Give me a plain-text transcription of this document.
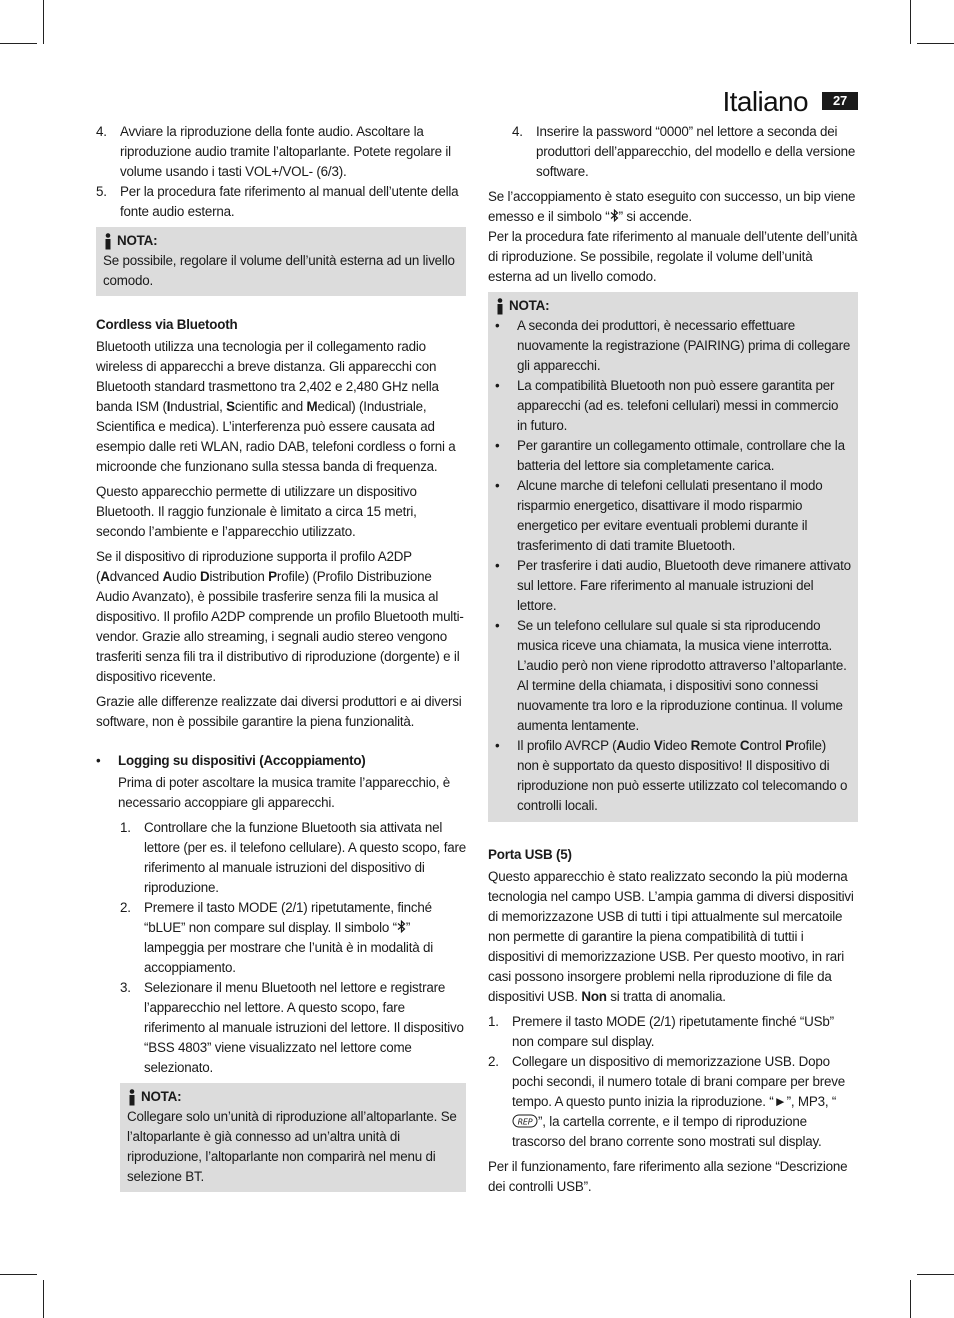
Italiano	27
4. Avviare la riproduzione della fonte audio. Ascoltare la riproduzione audio tramite l’altoparlante. Potete regolare il volume usando i tasti VOL+/VOL- (6/3).
5. Per la procedura fate riferimento al manual dell’utente della fonte audio esterna.
NOTA:
Se possibile, regolare il volume dell’unità esterna ad un livello comodo.
Cordless via Bluetooth

Bluetooth utilizza una tecnologia per il collegamento radio wireless di apparecchi a breve distanza. Gli apparecchi con Bluetooth standard trasmettono tra 2,402 e 2,480 GHz nella banda ISM (Industrial, Scientific and Medical) (Industriale, Scientifica e medica). L’interferenza può essere causata ad esempio dalle reti WLAN, radio DAB, telefoni cordless o forni a microonde che funzionano sulla stessa banda di frequenza.

Questo apparecchio permette di utilizzare un dispositivo Bluetooth. Il raggio funzionale è limitato a circa 15 metri, secondo l’ambiente e l’apparecchio utilizzato.

Se il dispositivo di riproduzione supporta il profilo A2DP (Advanced Audio Distribution Profile) (Profilo Distribuzione Audio Avanzato), è possibile trasferire senza fili la musica al dispositivo. Il profilo A2DP comprende un profilo Bluetooth multi-vendor. Grazie allo streaming, i segnali audio stereo vengono trasferiti senza fili tra il distributivo di riproduzione (dorgente) e il dispositivo ricevente.

Grazie alle differenze realizzate dai diversi produttori e ai diversi software, non è possibile garantire la piena funzionalità.

• Logging su dispositivi (Accoppiamento)

Prima di poter ascoltare la musica tramite l’apparecchio, è necessario accoppiare gli apparecchi.

1. Controllare che la funzione Bluetooth sia attivata nel lettore (per es. il telefono cellulare). A questo scopo, fare riferimento al manuale istruzioni del dispositivo di riproduzione.
2. Premere il tasto MODE (2/1) ripetutamente, finché “bLUE” non compare sul display. Il simbolo “ ” lampeggia per mostrare che l’unità è in modalità di accoppiamento.
3. Selezionare il menu Bluetooth nel lettore e registrare l’apparecchio nel lettore. A questo scopo, fare riferimento al manuale istruzioni del lettore. Il dispositivo “BSS 4803” viene visualizzato nel lettore come selezionato.
NOTA:
Collegare solo un’unità di riproduzione all’altoparlante. Se l’altoparlante è già connesso ad un’altra unità di riproduzione, l’altoparlante non comparirà nel menu di selezione BT.
4. Inserire la password “0000” nel lettore a seconda dei produttori dell’apparecchio, del modello e della versione software.

Se l’accoppiamento è stato eseguito con successo, un bip viene emesso e il simbolo “ ” si accende.

Per la procedura fate riferimento al manuale dell’utente dell’unità di riproduzione. Se possibile, regolate il volume dell’unità esterna ad un livello comodo.

NOTA:
• A seconda dei produttori, è necessario effettuare nuovamente la registrazione (PAIRING) prima di collegare gli apparecchi.
• La compatibilità Bluetooth non può essere garantita per apparecchi (ad es. telefoni cellulari) messi in commercio in futuro.
• Per garantire un collegamento ottimale, controllare che la batteria del lettore sia completamente carica.
• Alcune marche di telefoni cellulati presentano il modo risparmio energetico, disattivare il modo risparmio energetico per evitare eventuali problemi durante il trasferimento di dati tramite Bluetooth.
• Per trasferire i dati audio, Bluetooth deve rimanere attivato sul lettore. Fare riferimento al manuale istruzioni del lettore.
• Se un telefono cellulare sul quale si sta riproducendo musica riceve una chiamata, la musica viene interrotta. L’audio però non viene riprodotto attraverso l’altoparlante. Al termine della chiamata, i dispositivi sono connessi nuovamente tra loro e la riproduzione continua. Il volume aumenta lentamente.
• Il profilo AVRCP (Audio Video Remote Control Profile) non è supportato da questo dispositivo! Il dispositivo di riproduzione non può esserte utilizzato col telecomando o controlli locali.
Porta USB (5)

Questo apparecchio è stato realizzato secondo la più moderna tecnologia nel campo USB. L’ampia gamma di diversi dispositivi di memorizzazone USB di tutti i tipi attualmente sul mercatoile non permette di garantire la piena compatibilità di tuttii i dispositivi di memorizzazione USB. Per questo mootivo, in rari casi possono insorgere problemi nella riproduzione di file da dispositivi USB. Non si tratta di anomalia.

1. Premere il tasto MODE (2/1) ripetutamente finché “USb” non compare sul display.
2. Collegare un dispositivo di memorizzazione USB. Dopo pochi secondi, il numero totale di brani compare per breve tempo. A questo punto inizia la riproduzione. “►”, MP3, “
REP ”, la cartella corrente, e il tempo di riproduzione trascorso del brano corrente sono mostrati sul display.

Per il funzionamento, fare riferimento alla sezione “Descrizione dei controlli USB”.
